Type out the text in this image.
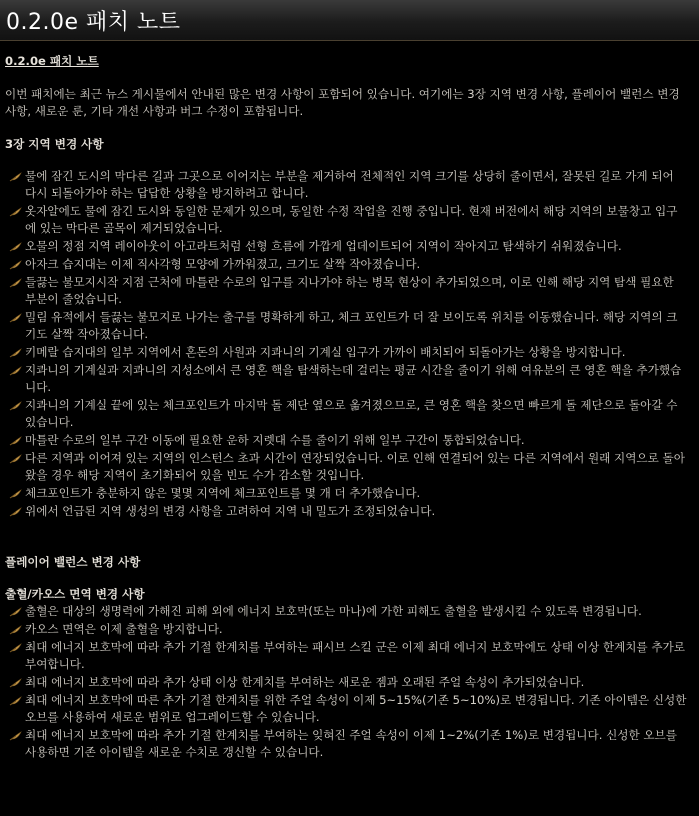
0.2.0e 패치 노트
0.2.0e 패치 노트
이번 패치에는 최근 뉴스 게시물에서 안내된 많은 변경 사항이 포함되어 있습니다. 여기에는 3장 지역 변경 사항, 플레이어 밸런스 변경 사항, 새로운 룬, 기타 개선 사항과 버그 수정이 포함됩니다.
3장 지역 변경 사항
물에 잠긴 도시의 막다른 길과 그곳으로 이어지는 부분을 제거하여 전체적인 지역 크기를 상당히 줄이면서, 잘못된 길로 가게 되어 다시 되돌아가야 하는 답답한 상황을 방지하려고 합니다.
옷자알에도 물에 잠긴 도시와 동일한 문제가 있으며, 동일한 수정 작업을 진행 중입니다. 현재 버전에서 해당 지역의 보물창고 입구에 있는 막다른 골목이 제거되었습니다.
오물의 정점 지역 레이아웃이 아고라트처럼 선형 흐름에 가깝게 업데이트되어 지역이 작아지고 탐색하기 쉬워졌습니다.
아자크 습지대는 이제 직사각형 모양에 가까워졌고, 크기도 살짝 작아졌습니다.
들끓는 불모지시작 지점 근처에 마틀란 수로의 입구를 지나가야 하는 병목 현상이 추가되었으며, 이로 인해 해당 지역 탐색 필요한 부분이 줄었습니다.
밀림 유적에서 들끓는 불모지로 나가는 출구를 명확하게 하고, 체크 포인트가 더 잘 보이도록 위치를 이동했습니다. 해당 지역의 크기도 살짝 작아졌습니다.
키메랄 습지대의 일부 지역에서 혼돈의 사원과 지콰니의 기계실 입구가 가까이 배치되어 되돌아가는 상황을 방지합니다.
지콰니의 기계실과 지콰니의 지성소에서 큰 영혼 핵을 탐색하는데 걸리는 평균 시간을 줄이기 위해 여유분의 큰 영혼 핵을 추가했습니다.
지콰니의 기계실 끝에 있는 체크포인트가 마지막 돌 제단 옆으로 옮겨졌으므로, 큰 영혼 핵을 찾으면 빠르게 돌 제단으로 돌아갈 수 있습니다.
마틀란 수로의 일부 구간 이동에 필요한 운하 지렛대 수를 줄이기 위해 일부 구간이 통합되었습니다.
다른 지역과 이어져 있는 지역의 인스턴스 초과 시간이 연장되었습니다. 이로 인해 연결되어 있는 다른 지역에서 원래 지역으로 돌아왔을 경우 해당 지역이 초기화되어 있을 빈도 수가 감소할 것입니다.
체크포인트가 충분하지 않은 몇몇 지역에 체크포인트를 몇 개 더 추가했습니다.
위에서 언급된 지역 생성의 변경 사항을 고려하여 지역 내 밀도가 조정되었습니다.
플레이어 밸런스 변경 사항
출혈/카오스 면역 변경 사항
출혈은 대상의 생명력에 가해진 피해 외에 에너지 보호막(또는 마나)에 가한 피해도 출혈을 발생시킬 수 있도록 변경됩니다.
카오스 면역은 이제 출혈을 방지합니다.
최대 에너지 보호막에 따라 추가 기절 한계치를 부여하는 패시브 스킬 군은 이제 최대 에너지 보호막에도 상태 이상 한계치를 추가로 부여합니다.
최대 에너지 보호막에 따라 추가 상태 이상 한계치를 부여하는 새로운 젬과 오래된 주얼 속성이 추가되었습니다.
최대 에너지 보호막에 따른 추가 기절 한계치를 위한 주얼 속성이 이제 5~15%(기존 5~10%)로 변경됩니다. 기존 아이템은 신성한 오브를 사용하여 새로운 범위로 업그레이드할 수 있습니다.
최대 에너지 보호막에 따라 추가 기절 한계치를 부여하는 잊혀진 주얼 속성이 이제 1~2%(기존 1%)로 변경됩니다. 신성한 오브를 사용하면 기존 아이템을 새로운 수치로 갱신할 수 있습니다.
